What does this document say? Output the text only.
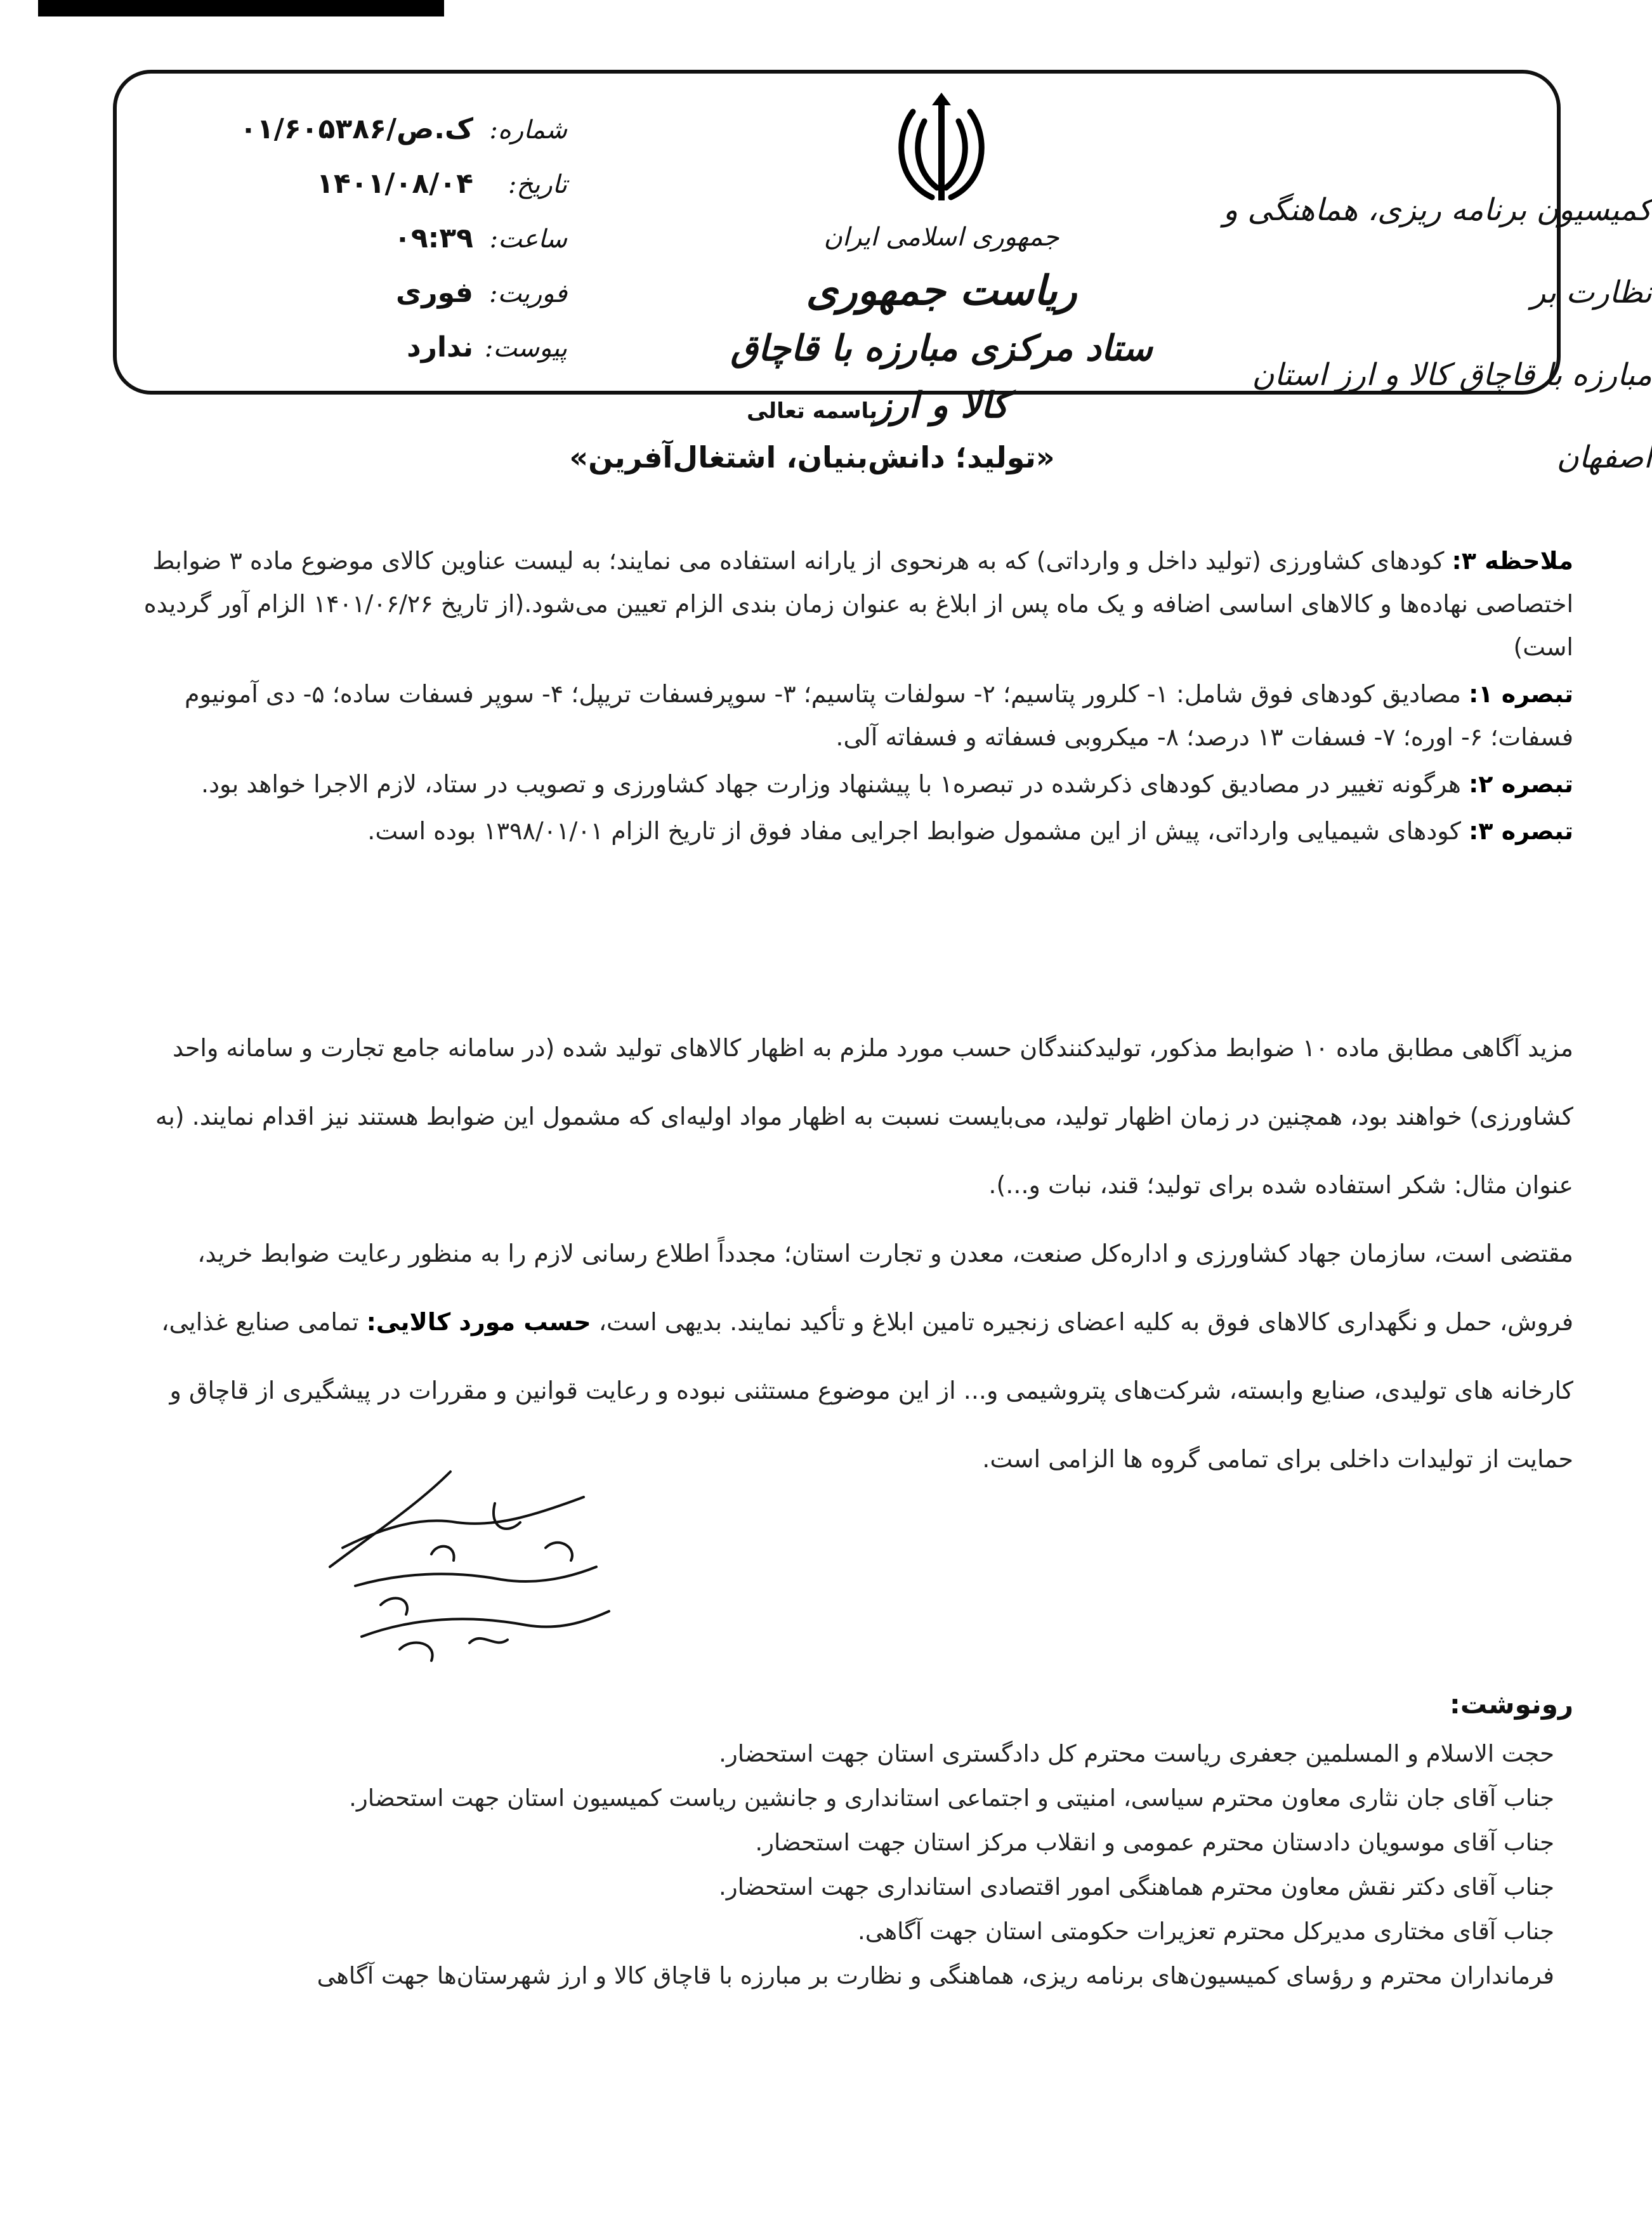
شماره:
ک.ص/۰۱/۶۰۵۳۸۶
تاریخ:
۱۴۰۱/۰۸/۰۴
ساعت:
۰۹:۳۹
فوریت:
فوری
پیوست:
ندارد
جمهوری اسلامی ایران
ریاست جمهوری
ستاد مرکزی مبارزه با قاچاق کالا و ارز
کمیسیون برنامه ریزی، هماهنگی و نظارت بر
مبارزه با قاچاق کالا و ارز استان اصفهان
باسمه تعالی
«تولید؛ دانش‌بنیان، اشتغال‌آفرین»

ملاحظه ۳: کودهای کشاورزی (تولید داخل و وارداتی) که به هرنحوی از یارانه استفاده می نمایند؛ به لیست عناوین کالای موضوع ماده ۳ ضوابط اختصاصی نهاده‌ها و کالاهای اساسی اضافه و یک ماه پس از ابلاغ به عنوان زمان بندی الزام تعیین می‌شود.(از تاریخ ۱۴۰۱/۰۶/۲۶ الزام آور گردیده است)

تبصره ۱: مصادیق کودهای فوق شامل: ۱- کلرور پتاسیم؛ ۲- سولفات پتاسیم؛ ۳- سوپرفسفات تریپل؛ ۴- سوپر فسفات ساده؛ ۵- دی آمونیوم فسفات؛ ۶- اوره؛ ۷- فسفات ۱۳ درصد؛ ۸- میکروبی فسفاته و فسفاته آلی.

تبصره ۲: هرگونه تغییر در مصادیق کودهای ذکرشده در تبصره۱ با پیشنهاد وزارت جهاد کشاورزی و تصویب در ستاد، لازم الاجرا خواهد بود.

تبصره ۳: کودهای شیمیایی وارداتی، پیش از این مشمول ضوابط اجرایی مفاد فوق از تاریخ الزام ۱۳۹۸/۰۱/۰۱ بوده است.

مزید آگاهی مطابق ماده ۱۰ ضوابط مذکور، تولیدکنندگان حسب مورد ملزم به اظهار کالاهای تولید شده (در سامانه جامع تجارت و سامانه واحد کشاورزی) خواهند بود، همچنین در زمان اظهار تولید، می‌بایست نسبت به اظهار مواد اولیه‌ای که مشمول این ضوابط هستند نیز اقدام نمایند. (به عنوان مثال: شکر استفاده شده برای تولید؛ قند، نبات و...).

مقتضی است، سازمان جهاد کشاورزی و اداره‌کل صنعت، معدن و تجارت استان؛ مجدداً اطلاع رسانی لازم را به منظور رعایت ضوابط خرید، فروش، حمل و نگهداری کالاهای فوق به کلیه اعضای زنجیره تامین ابلاغ و تأکید نمایند. بدیهی است، حسب مورد کالایی: تمامی صنایع غذایی، کارخانه های تولیدی، صنایع وابسته، شرکت‌های پتروشیمی و... از این موضوع مستثنی نبوده و رعایت قوانین و مقررات در پیشگیری از قاچاق و حمایت از تولیدات داخلی برای تمامی گروه ها الزامی است.

رونوشت:
حجت الاسلام و المسلمین جعفری ریاست محترم کل دادگستری استان جهت استحضار.
جناب آقای جان نثاری معاون محترم سیاسی، امنیتی و اجتماعی استانداری و جانشین ریاست کمیسیون استان جهت استحضار.
جناب آقای موسویان دادستان محترم عمومی و انقلاب مرکز استان جهت استحضار.
جناب آقای دکتر نقش معاون محترم هماهنگی امور اقتصادی استانداری جهت استحضار.
جناب آقای مختاری مدیرکل محترم تعزیرات حکومتی استان جهت آگاهی.
فرمانداران محترم و رؤسای کمیسیون‌های برنامه ریزی، هماهنگی و نظارت بر مبارزه با قاچاق کالا و ارز شهرستان‌ها جهت آگاهی
